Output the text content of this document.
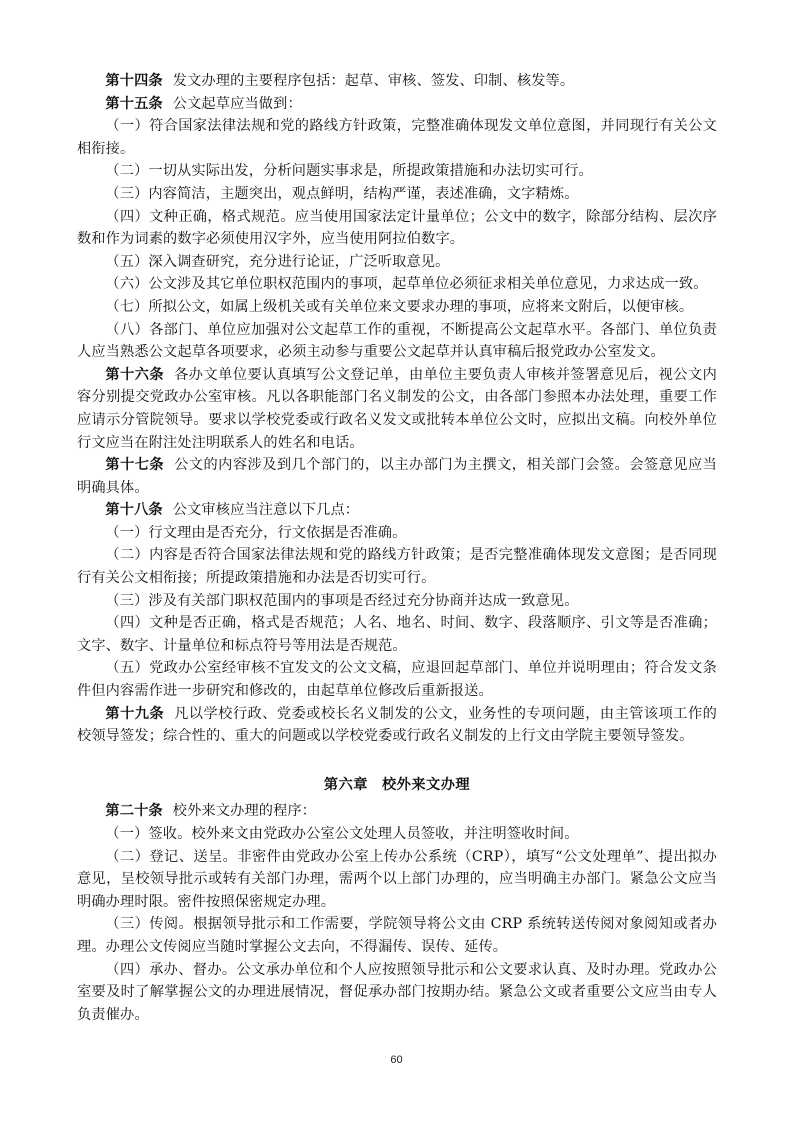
第十四条 发文办理的主要程序包括：起草、审核、签发、印制、核发等。

第十五条 公文起草应当做到：

（一）符合国家法律法规和党的路线方针政策，完整准确体现发文单位意图，并同现行有关公文相衔接。

（二）一切从实际出发，分析问题实事求是，所提政策措施和办法切实可行。

（三）内容简洁，主题突出，观点鲜明，结构严谨，表述准确，文字精炼。

（四）文种正确，格式规范。应当使用国家法定计量单位；公文中的数字，除部分结构、层次序数和作为词素的数字必须使用汉字外，应当使用阿拉伯数字。

（五）深入调查研究，充分进行论证，广泛听取意见。

（六）公文涉及其它单位职权范围内的事项，起草单位必须征求相关单位意见，力求达成一致。

（七）所拟公文，如属上级机关或有关单位来文要求办理的事项，应将来文附后，以便审核。

（八）各部门、单位应加强对公文起草工作的重视，不断提高公文起草水平。各部门、单位负责人应当熟悉公文起草各项要求，必须主动参与重要公文起草并认真审稿后报党政办公室发文。

第十六条 各办文单位要认真填写公文登记单，由单位主要负责人审核并签署意见后，视公文内容分别提交党政办公室审核。凡以各职能部门名义制发的公文，由各部门参照本办法处理，重要工作应请示分管院领导。要求以学校党委或行政名义发文或批转本单位公文时，应拟出文稿。向校外单位行文应当在附注处注明联系人的姓名和电话。

第十七条 公文的内容涉及到几个部门的，以主办部门为主撰文，相关部门会签。会签意见应当明确具体。

第十八条 公文审核应当注意以下几点：

（一）行文理由是否充分，行文依据是否准确。

（二）内容是否符合国家法律法规和党的路线方针政策；是否完整准确体现发文意图；是否同现行有关公文相衔接；所提政策措施和办法是否切实可行。

（三）涉及有关部门职权范围内的事项是否经过充分协商并达成一致意见。

（四）文种是否正确，格式是否规范；人名、地名、时间、数字、段落顺序、引文等是否准确；文字、数字、计量单位和标点符号等用法是否规范。

（五）党政办公室经审核不宜发文的公文文稿，应退回起草部门、单位并说明理由；符合发文条件但内容需作进一步研究和修改的，由起草单位修改后重新报送。

第十九条 凡以学校行政、党委或校长名义制发的公文，业务性的专项问题，由主管该项工作的校领导签发；综合性的、重大的问题或以学校党委或行政名义制发的上行文由学院主要领导签发。

第六章 校外来文办理

第二十条 校外来文办理的程序：

（一）签收。校外来文由党政办公室公文处理人员签收，并注明签收时间。

（二）登记、送呈。非密件由党政办公室上传办公系统（CRP），填写“公文处理单”、提出拟办意见，呈校领导批示或转有关部门办理，需两个以上部门办理的，应当明确主办部门。紧急公文应当明确办理时限。密件按照保密规定办理。

（三）传阅。根据领导批示和工作需要，学院领导将公文由 CRP 系统转送传阅对象阅知或者办理。办理公文传阅应当随时掌握公文去向，不得漏传、误传、延传。

（四）承办、督办。公文承办单位和个人应按照领导批示和公文要求认真、及时办理。党政办公室要及时了解掌握公文的办理进展情况，督促承办部门按期办结。紧急公文或者重要公文应当由专人负责催办。

60
